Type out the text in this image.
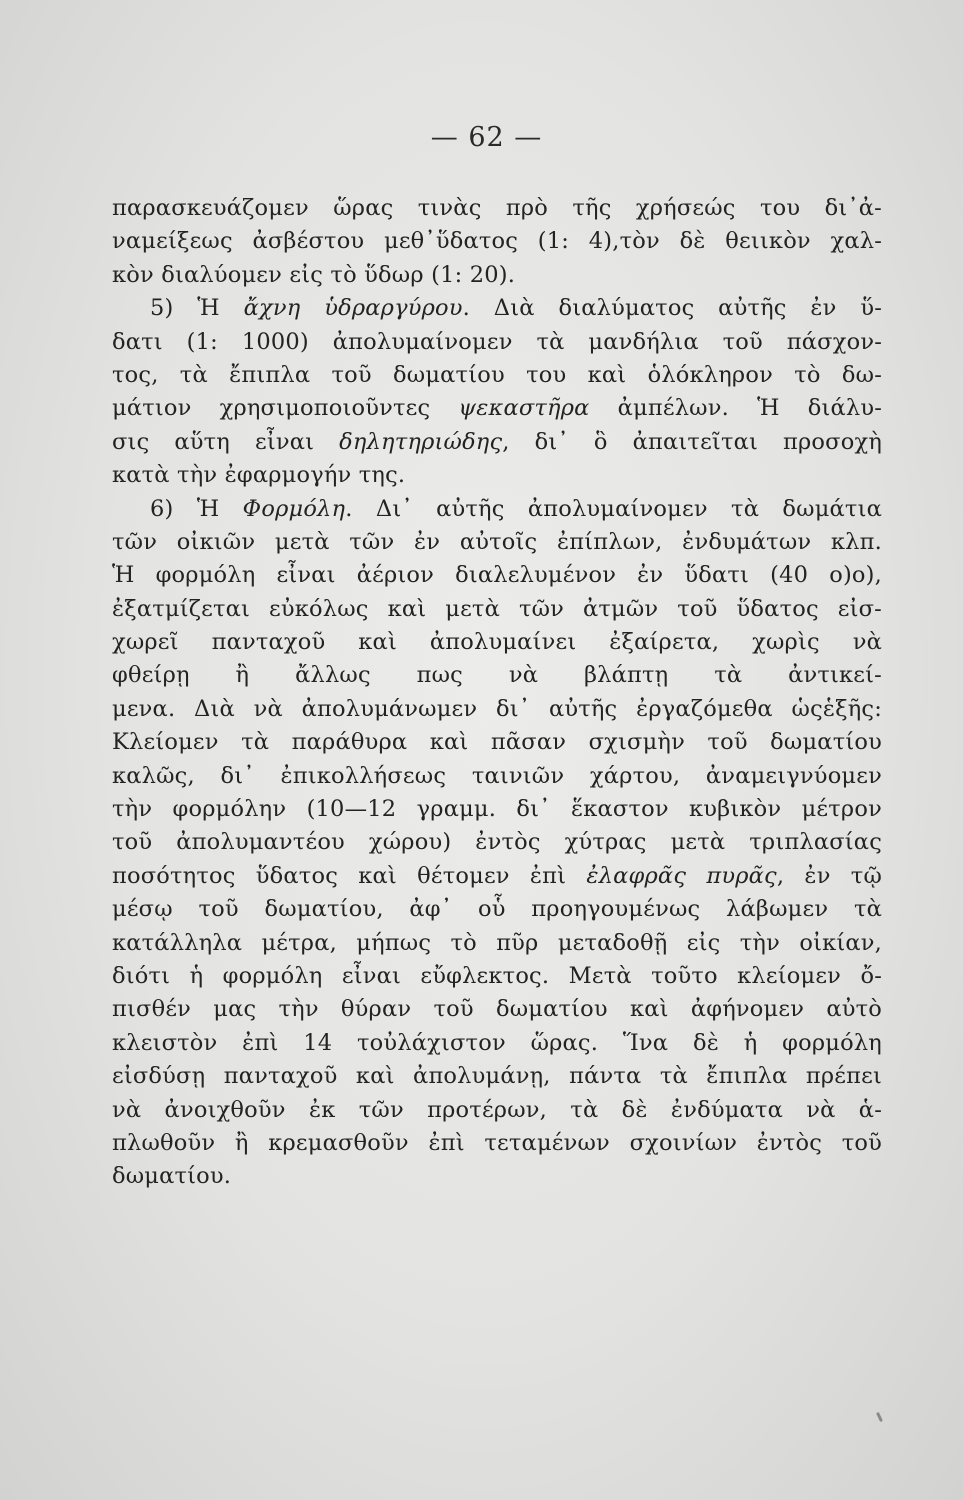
— 62 —
παρασκευάζομεν ὥρας τινὰς πρὸ τῆς χρήσεώς του δι᾽ἀ-
ναμείξεως ἀσβέστου μεθ᾽ὕδατος (1: 4),τὸν δὲ θειικὸν χαλ-
κὸν διαλύομεν εἰς τὸ ὕδωρ (1: 20).
5) Ἡ ἄχνη ὑδραργύρου. Διὰ διαλύματος αὐτῆς ἐν ὕ-
δατι (1: 1000) ἀπολυμαίνομεν τὰ μανδήλια τοῦ πάσχον-
τος, τὰ ἔπιπλα τοῦ δωματίου του καὶ ὁλόκληρον τὸ δω-
μάτιον χρησιμοποιοῦντες ψεκαστῆρα ἀμπέλων. Ἡ διάλυ-
σις αὕτη εἶναι δηλητηριώδης, δι᾽ ὃ ἀπαιτεῖται προσοχὴ
κατὰ τὴν ἐφαρμογήν της.
6) Ἡ Φορμόλη. Δι᾽ αὐτῆς ἀπολυμαίνομεν τὰ δωμάτια
τῶν οἰκιῶν μετὰ τῶν ἐν αὐτοῖς ἐπίπλων, ἐνδυμάτων κλπ.
Ἡ φορμόλη εἶναι ἀέριον διαλελυμένον ἐν ὕδατι (40 ο)ο),
ἐξατμίζεται εὐκόλως καὶ μετὰ τῶν ἀτμῶν τοῦ ὕδατος εἰσ-
χωρεῖ πανταχοῦ καὶ ἀπολυμαίνει ἐξαίρετα, χωρὶς νὰ
φθείρῃ ἢ ἄλλως πως νὰ βλάπτῃ τὰ ἀντικεί-
μενα. Διὰ νὰ ἀπολυμάνωμεν δι᾽ αὐτῆς ἐργαζόμεθα ὡςἑξῆς:
Κλείομεν τὰ παράθυρα καὶ πᾶσαν σχισμὴν τοῦ δωματίου
καλῶς, δι᾽ ἐπικολλήσεως ταινιῶν χάρτου, ἀναμειγνύομεν
τὴν φορμόλην (10—12 γραμμ. δι᾽ ἕκαστον κυβικὸν μέτρον
τοῦ ἀπολυμαντέου χώρου) ἐντὸς χύτρας μετὰ τριπλασίας
ποσότητος ὕδατος καὶ θέτομεν ἐπὶ ἐλαφρᾶς πυρᾶς, ἐν τῷ
μέσῳ τοῦ δωματίου, ἀφ᾽ οὗ προηγουμένως λάβωμεν τὰ
κατάλληλα μέτρα, μήπως τὸ πῦρ μεταδοθῇ εἰς τὴν οἰκίαν,
διότι ἡ φορμόλη εἶναι εὔφλεκτος. Μετὰ τοῦτο κλείομεν ὄ-
πισθέν μας τὴν θύραν τοῦ δωματίου καὶ ἀφήνομεν αὐτὸ
κλειστὸν ἐπὶ 14 τοὐλάχιστον ὥρας. Ἵνα δὲ ἡ φορμόλη
εἰσδύσῃ πανταχοῦ καὶ ἀπολυμάνῃ, πάντα τὰ ἔπιπλα πρέπει
νὰ ἀνοιχθοῦν ἐκ τῶν προτέρων, τὰ δὲ ἐνδύματα νὰ ἁ-
πλωθοῦν ἢ κρεμασθοῦν ἐπὶ τεταμένων σχοινίων ἐντὸς τοῦ
δωματίου.
